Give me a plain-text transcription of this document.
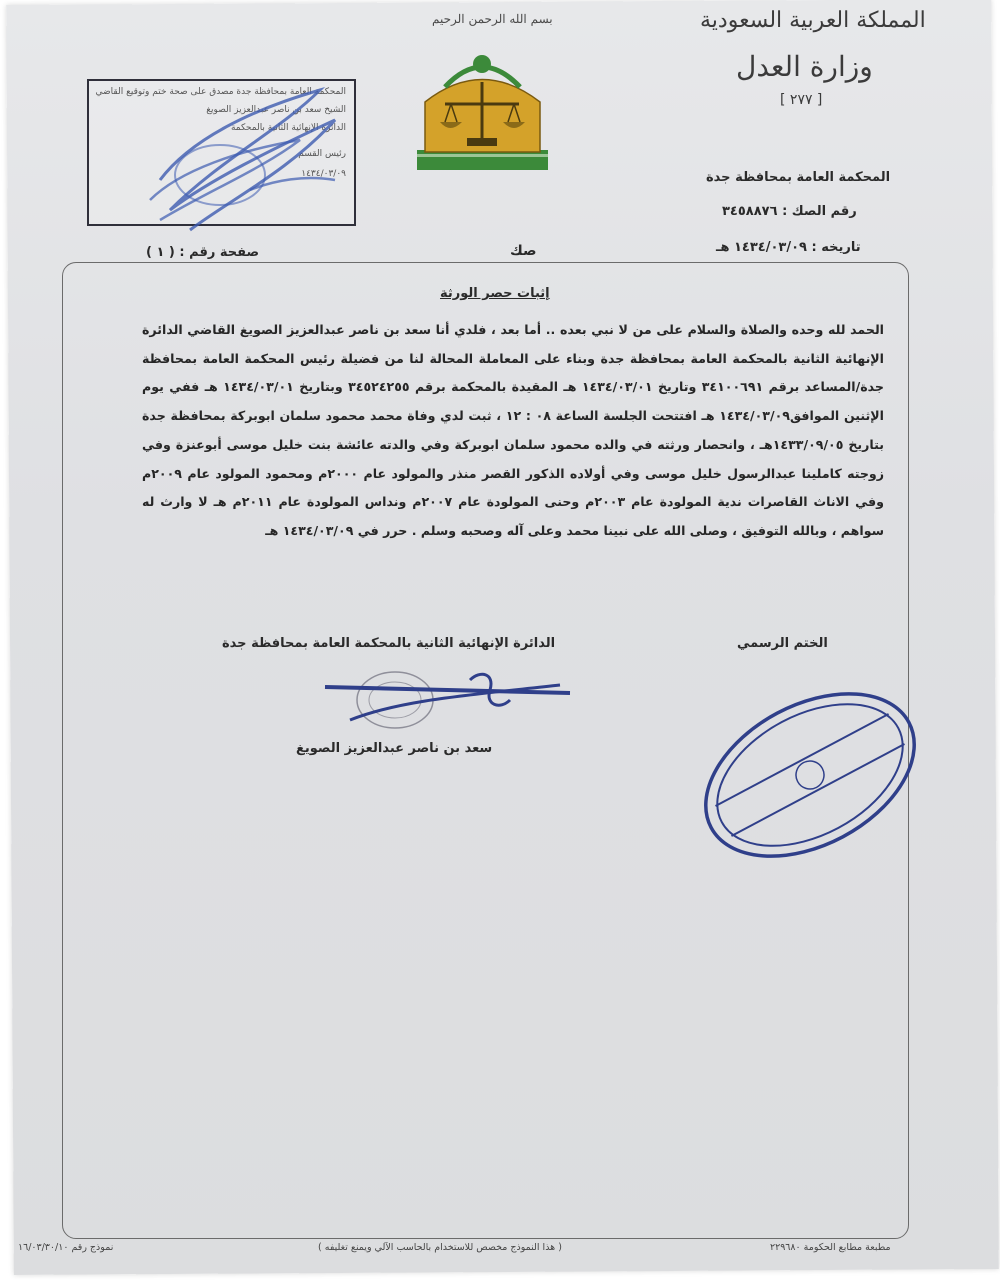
المملكة العربية السعودية
وزارة العدل
[ ٢٧٧ ]
بسم الله الرحمن الرحيم
المحكمة العامة بمحافظة جدة
رقم الصك : ٣٤٥٨٨٧٦
تاريخه : ١٤٣٤/٠٣/٠٩ هـ
صك
صفحة رقم : ( ١ )
المحكمة العامة بمحافظة جدة مصدق على صحة ختم وتوقيع القاضي
الشيخ سعد بن ناصر عبدالعزيز الصويغ
الدائرة الإنهائية الثانية بالمحكمة
رئيس القسم
١٤٣٤/٠٣/٠٩
إثبات حصر الورثة
الحمد لله وحده والصلاة والسلام على من لا نبي بعده .. أما بعد ، فلدي أنا سعد بن ناصر عبدالعزيز الصويغ القاضي الدائرة الإنهائية الثانية بالمحكمة العامة بمحافظة جدة وبناء على المعاملة المحالة لنا من فضيلة رئيس المحكمة العامة بمحافظة جدة/المساعد برقم ٣٤١٠٠٦٩١ وتاريخ ١٤٣٤/٠٣/٠١ هـ المقيدة بالمحكمة برقم ٣٤٥٢٤٢٥٥ وبتاريخ ١٤٣٤/٠٣/٠١ هـ ففي يوم الإثنين الموافق١٤٣٤/٠٣/٠٩ هـ افتتحت الجلسة الساعة ٠٨ : ١٢ ، ثبت لدي وفاة محمد محمود سلمان ابوبركة بمحافظة جدة بتاريخ ١٤٣٣/٠٩/٠٥هـ ، وانحصار ورثته في والده محمود سلمان ابوبركة وفي والدته عائشة بنت خليل موسى أبوعنزة وفي زوجته كاملينا عبدالرسول خليل موسى وفي أولاده الذكور القصر منذر والمولود عام ٢٠٠٠م ومحمود المولود عام ٢٠٠٩م وفي الاناث القاصرات ندية المولودة عام ٢٠٠٣م وحنى المولودة عام ٢٠٠٧م ونداس المولودة عام ٢٠١١م هـ لا وارث له سواهم ، وبالله التوفيق ، وصلى الله على نبينا محمد وعلى آله وصحبه وسلم . حرر في ١٤٣٤/٠٣/٠٩ هـ
الختم الرسمي
الدائرة الإنهائية الثانية بالمحكمة العامة بمحافظة جدة
سعد بن ناصر عبدالعزيز الصويغ
مطبعة مطابع الحكومة ٢٢٩٦٨٠
( هذا النموذج مخصص للاستخدام بالحاسب الآلي ويمنع تغليفه )
نموذج رقم ١٦/٠٣/٣٠/١٠
